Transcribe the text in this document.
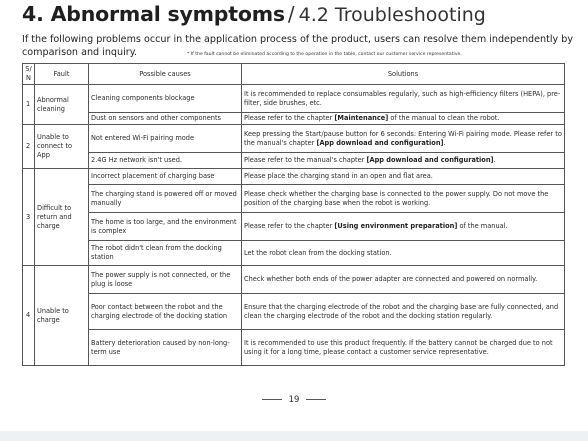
4. Abnormal symptoms / 4.2 Troubleshooting
If the following problems occur in the application process of the product, users can resolve them independently by comparison and inquiry.	* If the fault cannot be eliminated according to the operation in the table, contact our customer service representative.
S/N	Fault	Possible causes	Solutions
1	Abnormal cleaning	Cleaning components blockage	It is recommended to replace consumables regularly, such as high-efficiency filters (HEPA), pre-filter, side brushes, etc.
		Dust on sensors and other components	Please refer to the chapter [Maintenance] of the manual to clean the robot.
2	Unable to connect to App	Not entered Wi-Fi pairing mode	Keep pressing the Start/pause button for 6 seconds: Entering Wi-Fi pairing mode. Please refer to the manual's chapter [App download and configuration].
		2.4G Hz network isn't used.	Please refer to the manual's chapter [App download and configuration].
3	Difficult to return and charge	Incorrect placement of charging base	Please place the charging stand in an open and flat area.
		The charging stand is powered off or moved manually	Please check whether the charging base is connected to the power supply. Do not move the position of the charging base when the robot is working.
		The home is too large, and the environment is complex	Please refer to the chapter [Using environment preparation] of the manual.
		The robot didn't clean from the docking station	Let the robot clean from the docking station.
4	Unable to charge	The power supply is not connected, or the plug is loose	Check whether both ends of the power adapter are connected and powered on normally.
		Poor contact between the robot and the charging electrode of the docking station	Ensure that the charging electrode of the robot and the charging base are fully connected, and clean the charging electrode of the robot and the docking station regularly.
		Battery deterioration caused by non-long-term use	It is recommended to use this product frequently. If the battery cannot be charged due to not using it for a long time, please contact a customer service representative.
19
